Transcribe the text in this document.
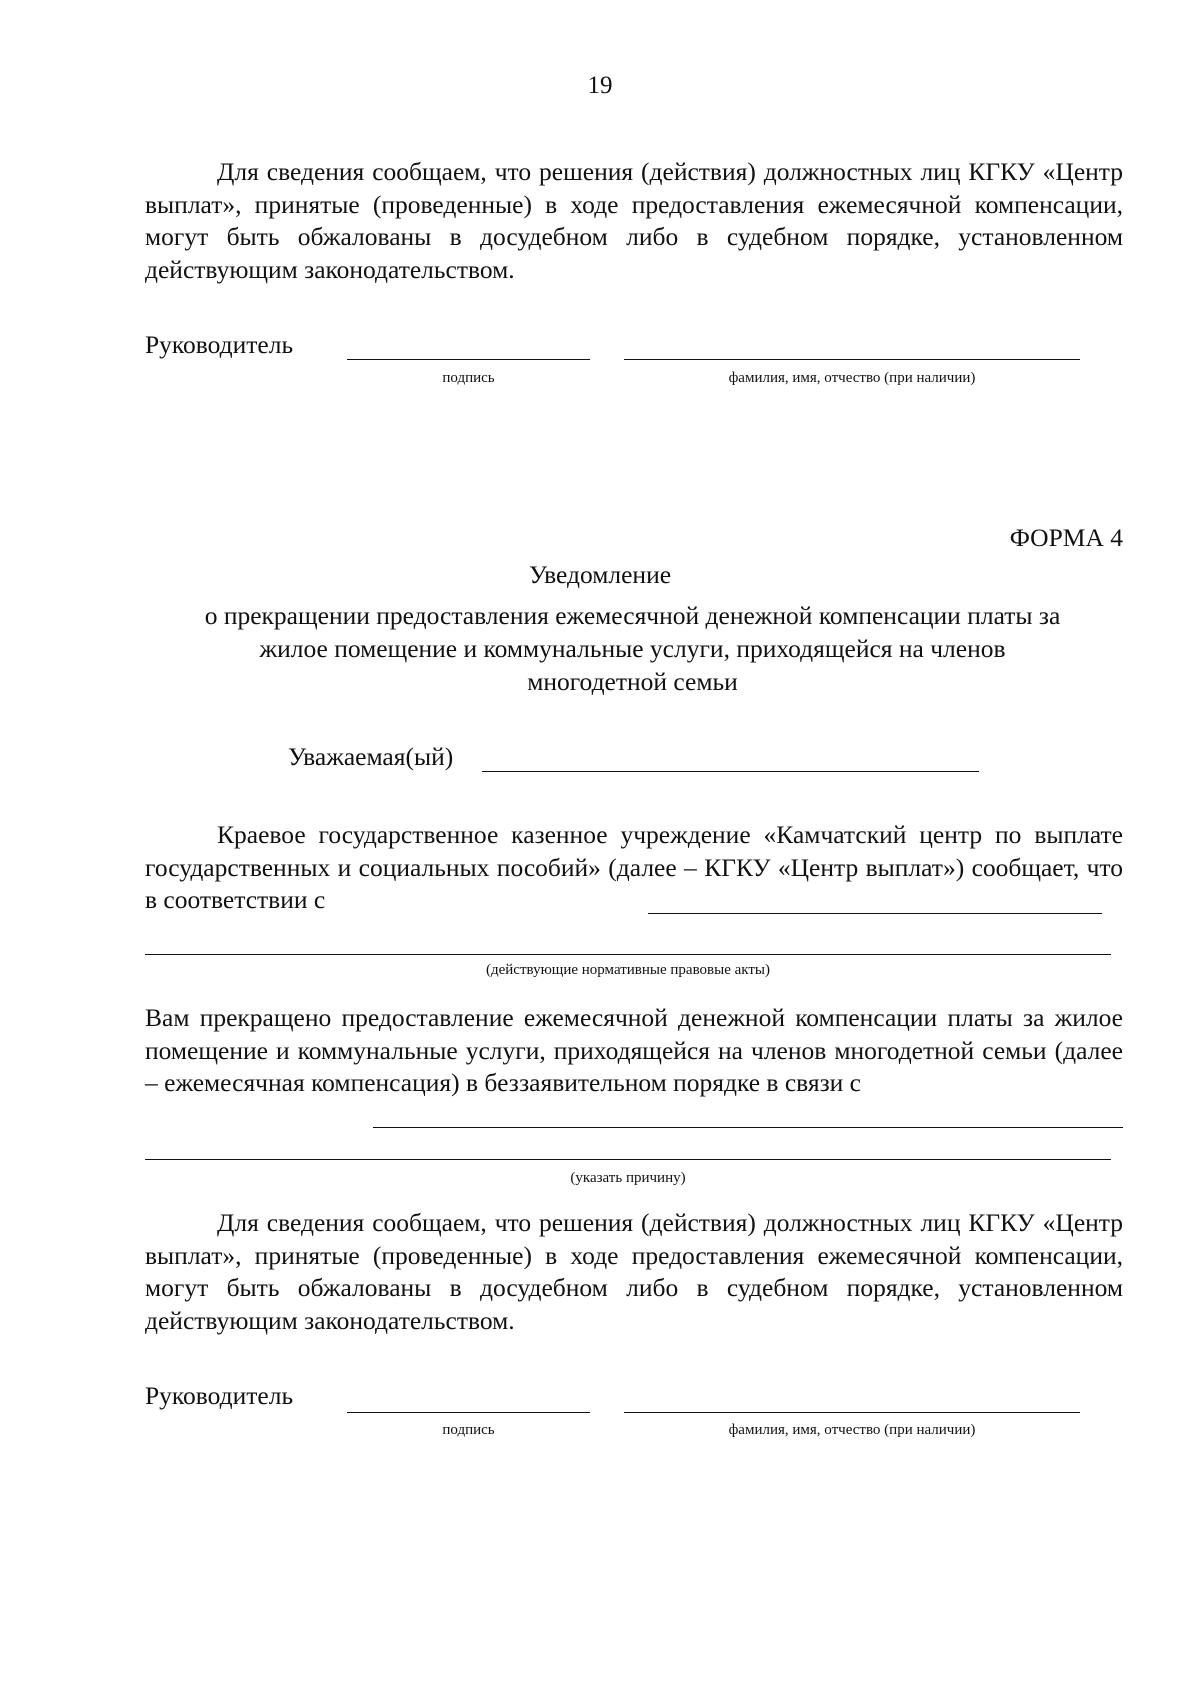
19
Для сведения сообщаем, что решения (действия) должностных лиц КГКУ «Центр выплат», принятые (проведенные) в ходе предоставления ежемесячной компенсации, могут быть обжалованы в досудебном либо в судебном порядке, установленном действующим законодательством.
Руководитель
подпись	фамилия, имя, отчество (при наличии)
ФОРМА 4
Уведомление
о прекращении предоставления ежемесячной денежной компенсации платы за
жилое помещение и коммунальные услуги, приходящейся на членов
многодетной семьи
Уважаемая(ый)
Краевое государственное казенное учреждение «Камчатский центр по выплате государственных и социальных пособий» (далее – КГКУ «Центр выплат») сообщает, что в соответствии с
(действующие нормативные правовые акты)
Вам прекращено предоставление ежемесячной денежной компенсации платы за жилое помещение и коммунальные услуги, приходящейся на членов многодетной семьи (далее – ежемесячная компенсация) в беззаявительном порядке в связи с
(указать причину)
Для сведения сообщаем, что решения (действия) должностных лиц КГКУ «Центр выплат», принятые (проведенные) в ходе предоставления ежемесячной компенсации, могут быть обжалованы в досудебном либо в судебном порядке, установленном действующим законодательством.
Руководитель
подпись	фамилия, имя, отчество (при наличии)
